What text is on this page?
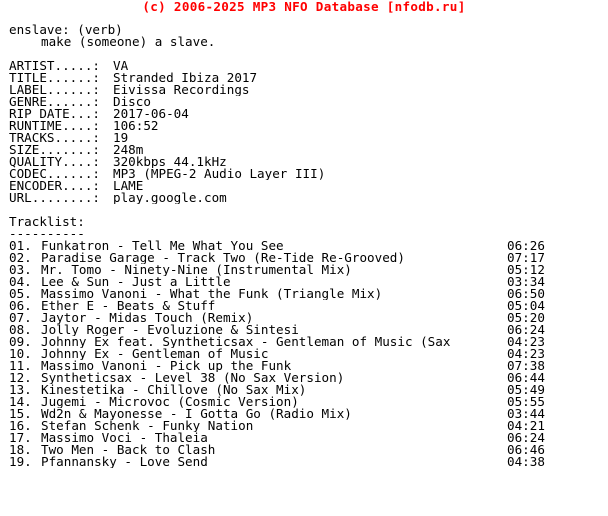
(c) 2006-2025 MP3 NFO Database [nfodb.ru]
enslave: (verb)
make (someone) a slave.
ARTIST.....:	VA
TITLE......:	Stranded Ibiza 2017
LABEL......:	Eivissa Recordings
GENRE......:	Disco
RIP DATE...:	2017-06-04
RUNTIME....:	106:52
TRACKS.....:	19
SIZE.......:	248m
QUALITY....:	320kbps 44.1kHz
CODEC......:	MP3 (MPEG-2 Audio Layer III)
ENCODER....:	LAME
URL........:	play.google.com
Tracklist:
----------
01. Funkatron - Tell Me What You See	06:26
02. Paradise Garage - Track Two (Re-Tide Re-Grooved)	07:17
03. Mr. Tomo - Ninety-Nine (Instrumental Mix)	05:12
04. Lee & Sun - Just a Little	03:34
05. Massimo Vanoni - What the Funk (Triangle Mix)	06:50
06. Ether E - Beats & Stuff	05:04
07. Jaytor - Midas Touch (Remix)	05:20
08. Jolly Roger - Evoluzione & Sintesi	06:24
09. Johnny Ex feat. Syntheticsax - Gentleman of Music (Sax	04:23
10. Johnny Ex - Gentleman of Music	04:23
11. Massimo Vanoni - Pick up the Funk	07:38
12. Syntheticsax - Level 38 (No Sax Version)	06:44
13. Kinestetika - Chillove (No Sax Mix)	05:49
14. Jugemi - Microvoc (Cosmic Version)	05:55
15. Wd2n & Mayonesse - I Gotta Go (Radio Mix)	03:44
16. Stefan Schenk - Funky Nation	04:21
17. Massimo Voci - Thaleia	06:24
18. Two Men - Back to Clash	06:46
19. Pfannansky - Love Send	04:38
